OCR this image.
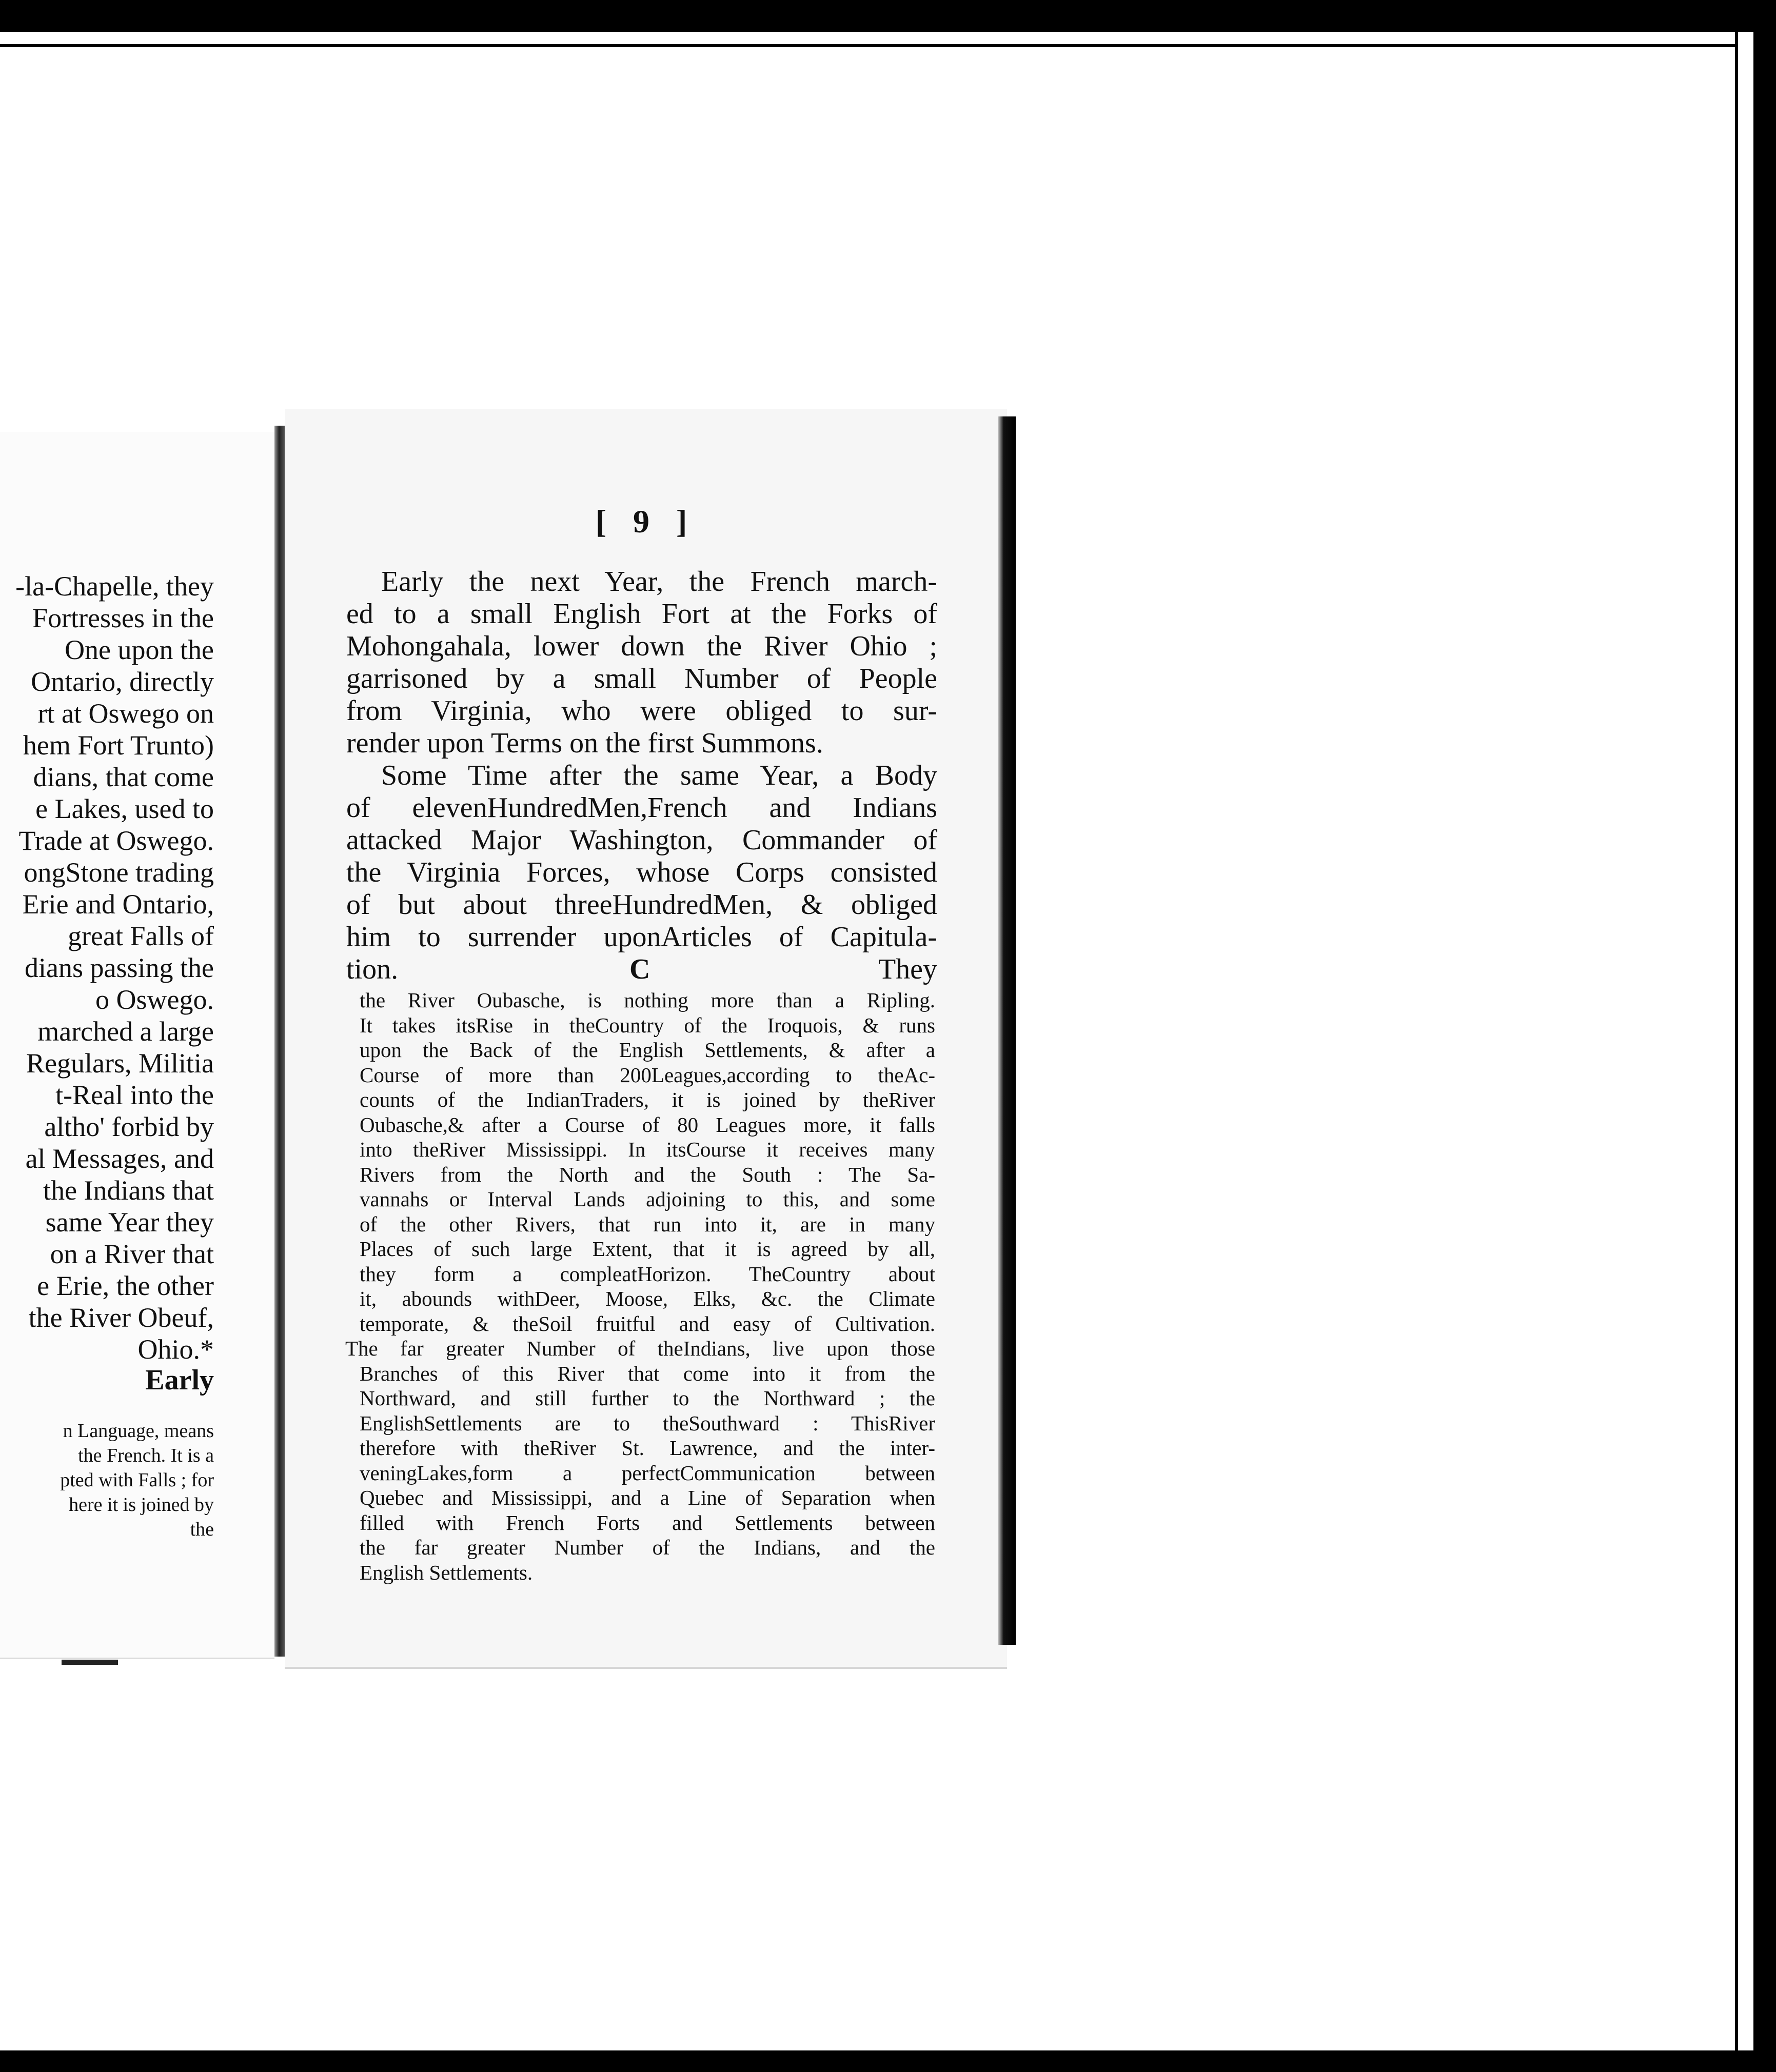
-la-Chapelle, they
Fortresses in the
One upon the
Ontario, directly
rt at Oswego on
hem Fort Trunto)
dians, that come
e Lakes, used to
Trade at Oswego.
ongStone trading
Erie and Ontario,
great Falls of
dians passing the
o Oswego.
marched a large
Regulars, Militia
t-Real into the
altho' forbid by
al Messages, and
the Indians that
same Year they
on a River that
e Erie, the other
the River Obeuf,
Ohio.*
Early
n Language, means
the French. It is a
pted with Falls ; for
here it is joined by
the
[ 9 ]
Early the next Year, the French march-
ed to a small English Fort at the Forks of
Mohongahala, lower down the River Ohio ;
garrisoned by a small Number of People
from Virginia, who were obliged to sur-
render upon Terms on the first Summons.
Some Time after the same Year, a Body
of elevenHundredMen,French and Indians
attacked Major Washington, Commander of
the Virginia Forces, whose Corps consisted
of but about threeHundredMen, & obliged
him to surrender uponArticles of Capitula-
tion.	C	They
the River Oubasche, is nothing more than a Ripling.
It takes itsRise in theCountry of the Iroquois, & runs
upon the Back of the English Settlements, & after a
Course of more than 200Leagues,according to theAc-
counts of the IndianTraders, it is joined by theRiver
Oubasche,& after a Course of 80 Leagues more, it falls
into theRiver Mississippi. In itsCourse it receives many
Rivers from the North and the South : The Sa-
vannahs or Interval Lands adjoining to this, and some
of the other Rivers, that run into it, are in many
Places of such large Extent, that it is agreed by all,
they form a compleatHorizon. TheCountry about
it, abounds withDeer, Moose, Elks, &c. the Climate
temporate, & theSoil fruitful and easy of Cultivation.
The far greater Number of theIndians, live upon those
Branches of this River that come into it from the
Northward, and still further to the Northward ; the
EnglishSettlements are to theSouthward : ThisRiver
therefore with theRiver St. Lawrence, and the inter-
veningLakes,form a perfectCommunication between
Quebec and Mississippi, and a Line of Separation when
filled with French Forts and Settlements between
the far greater Number of the Indians, and the
English Settlements.
